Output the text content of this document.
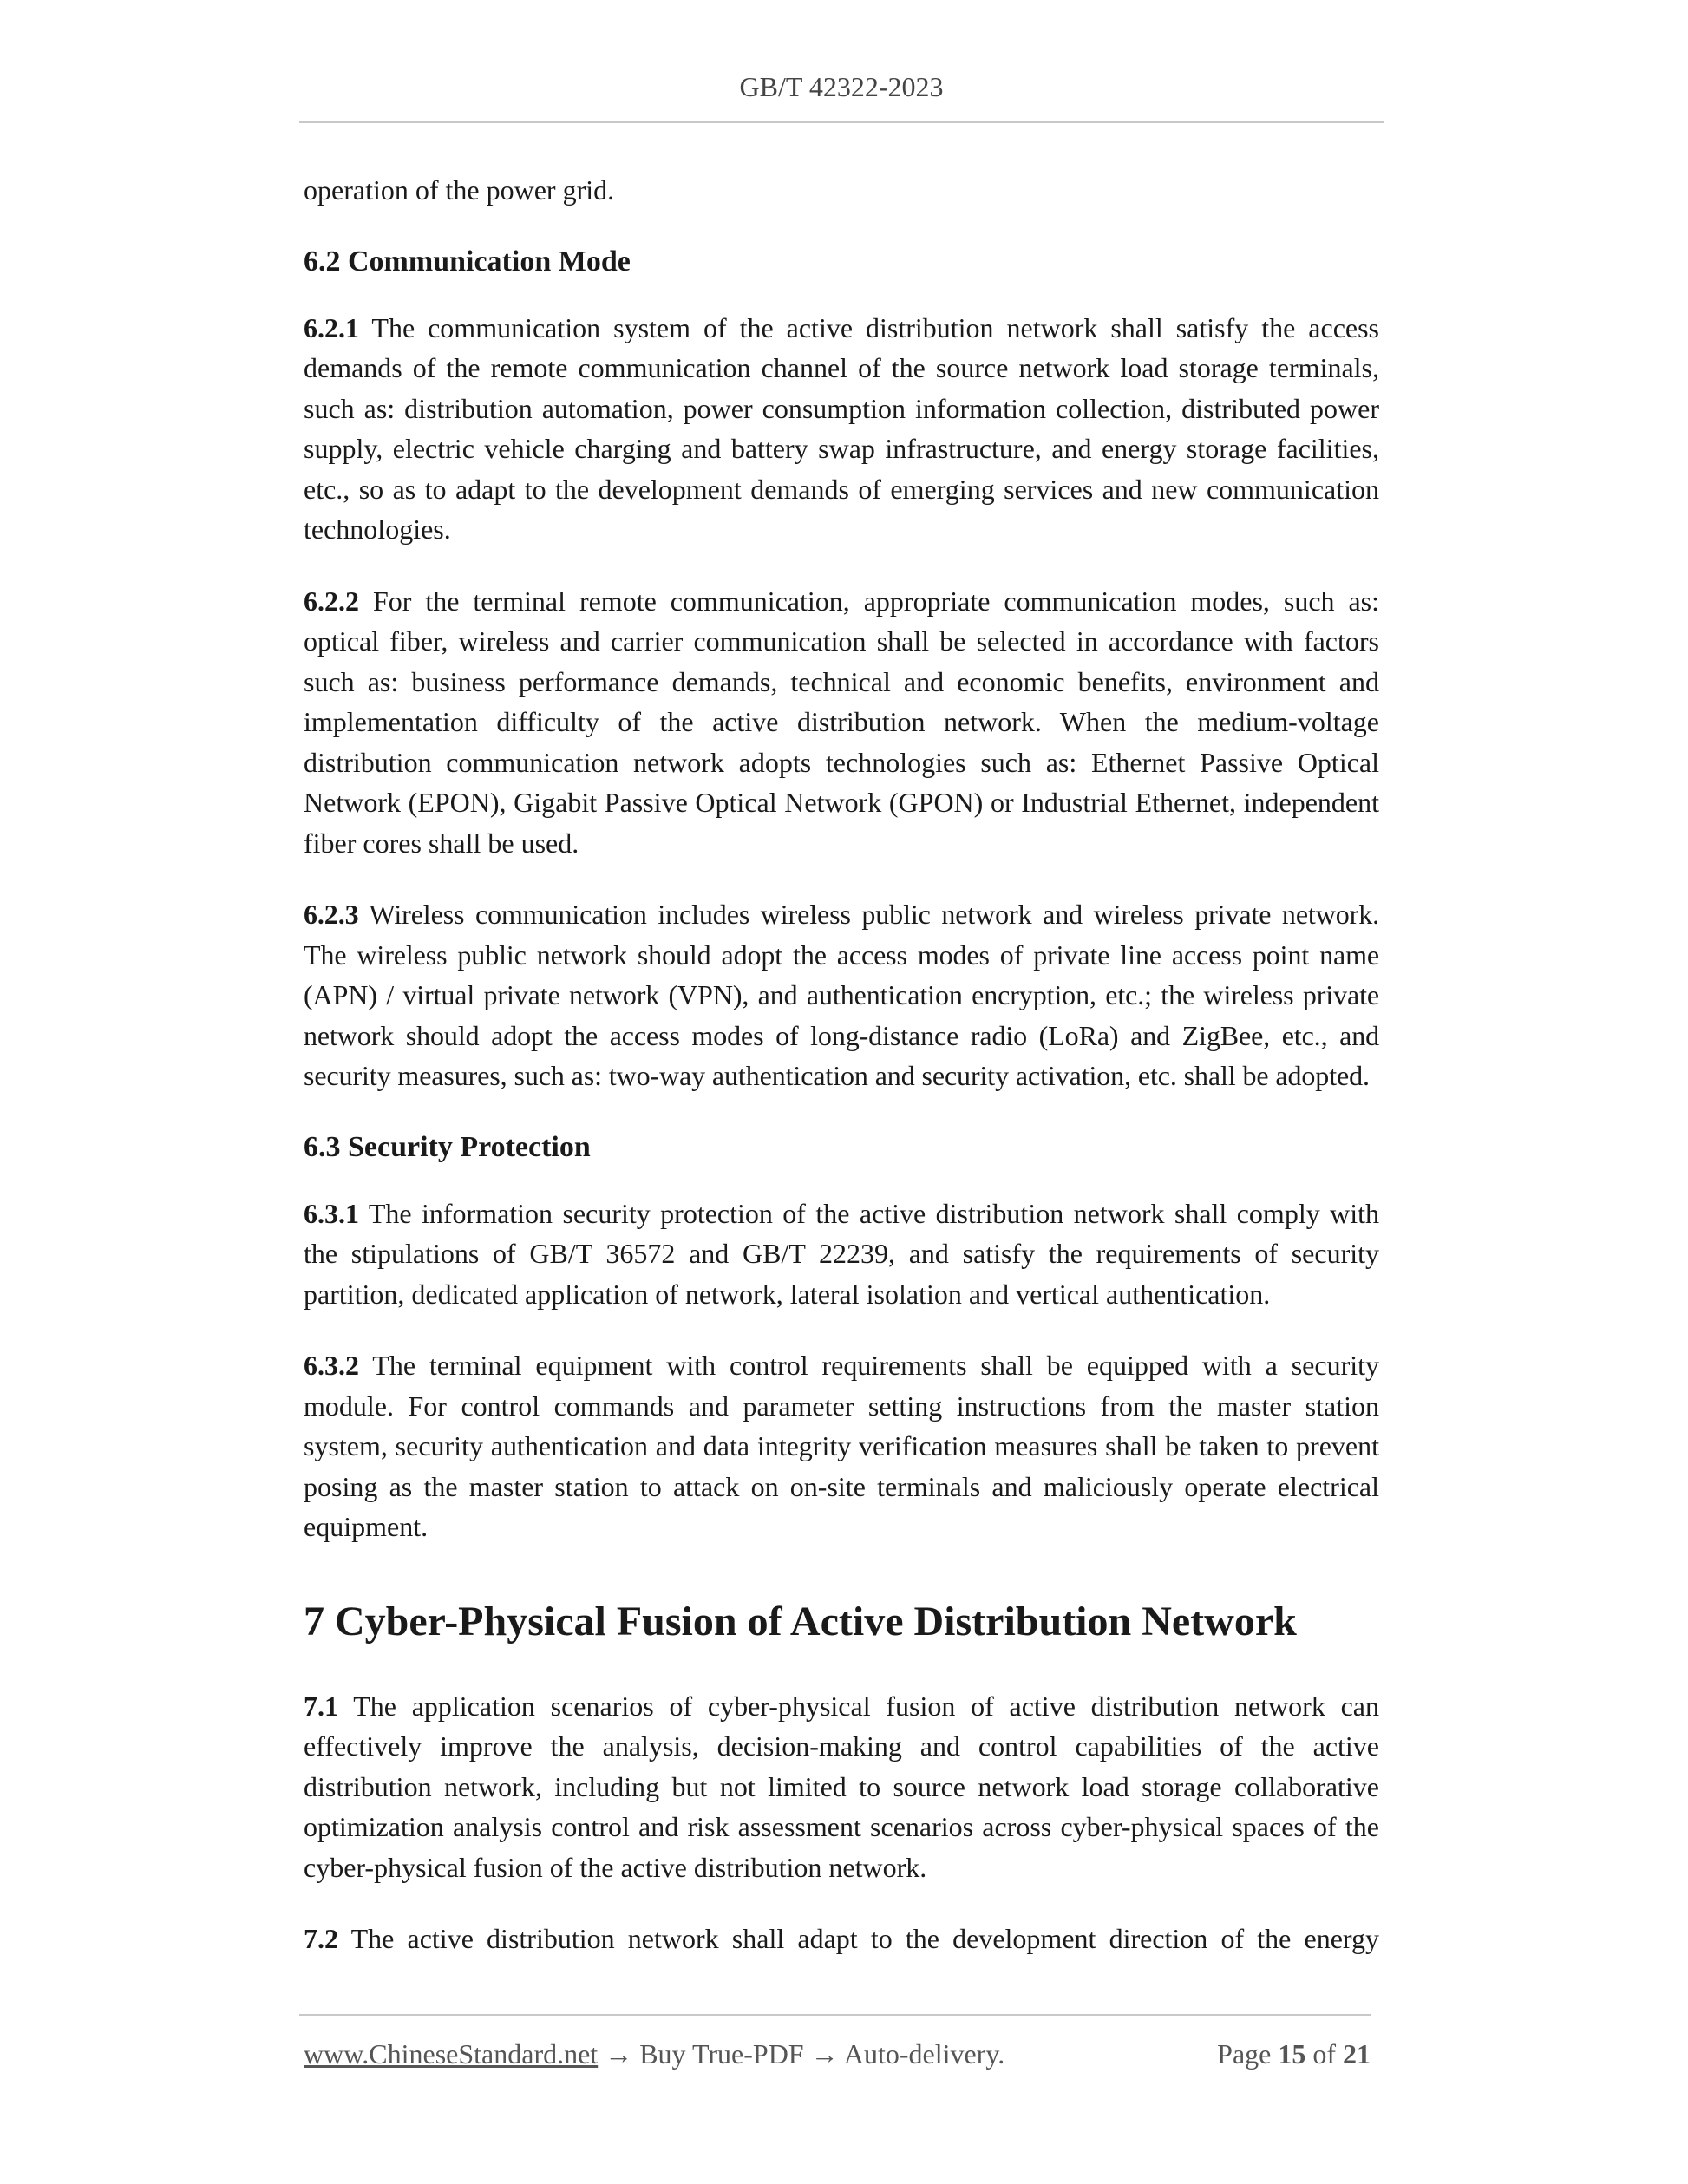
GB/T 42322-2023

operation of the power grid.

6.2 Communication Mode

6.2.1 The communication system of the active distribution network shall satisfy the access demands of the remote communication channel of the source network load storage terminals, such as: distribution automation, power consumption information collection, distributed power supply, electric vehicle charging and battery swap infrastructure, and energy storage facilities, etc., so as to adapt to the development demands of emerging services and new communication technologies.

6.2.2 For the terminal remote communication, appropriate communication modes, such as: optical fiber, wireless and carrier communication shall be selected in accordance with factors such as: business performance demands, technical and economic benefits, environment and implementation difficulty of the active distribution network. When the medium-voltage distribution communication network adopts technologies such as: Ethernet Passive Optical Network (EPON), Gigabit Passive Optical Network (GPON) or Industrial Ethernet, independent fiber cores shall be used.

6.2.3 Wireless communication includes wireless public network and wireless private network. The wireless public network should adopt the access modes of private line access point name (APN) / virtual private network (VPN), and authentication encryption, etc.; the wireless private network should adopt the access modes of long-distance radio (LoRa) and ZigBee, etc., and security measures, such as: two-way authentication and security activation, etc. shall be adopted.

6.3 Security Protection

6.3.1 The information security protection of the active distribution network shall comply with the stipulations of GB/T 36572 and GB/T 22239, and satisfy the requirements of security partition, dedicated application of network, lateral isolation and vertical authentication.

6.3.2 The terminal equipment with control requirements shall be equipped with a security module. For control commands and parameter setting instructions from the master station system, security authentication and data integrity verification measures shall be taken to prevent posing as the master station to attack on on-site terminals and maliciously operate electrical equipment.

7 Cyber-Physical Fusion of Active Distribution Network

7.1 The application scenarios of cyber-physical fusion of active distribution network can effectively improve the analysis, decision-making and control capabilities of the active distribution network, including but not limited to source network load storage collaborative optimization analysis control and risk assessment scenarios across cyber-physical spaces of the cyber-physical fusion of the active distribution network.

7.2 The active distribution network shall adapt to the development direction of the energy

www.ChineseStandard.net → Buy True-PDF → Auto-delivery.	Page 15 of 21
